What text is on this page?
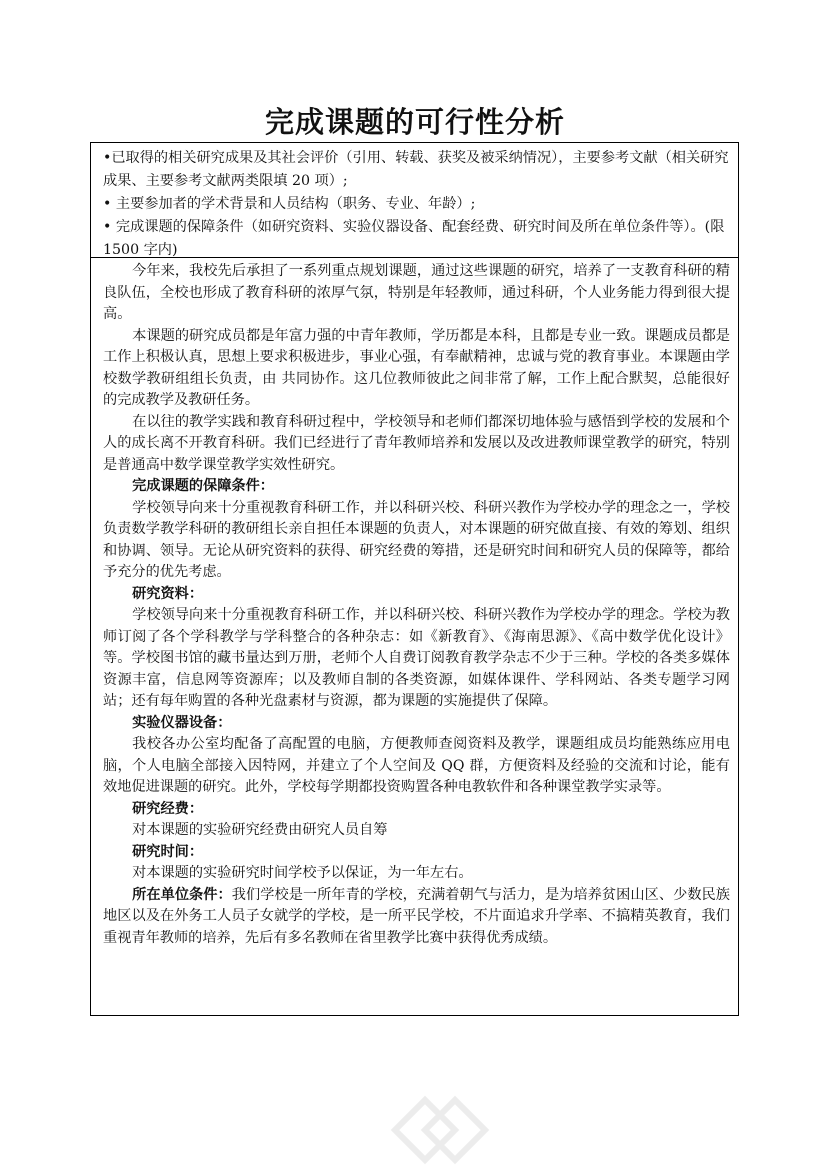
完成课题的可行性分析

•已取得的相关研究成果及其社会评价（引用、转载、获奖及被采纳情况），主要参考文献（相关研究成果、主要参考文献两类限填 20 项）;

• 主要参加者的学术背景和人员结构（职务、专业、年龄）;

• 完成课题的保障条件（如研究资料、实验仪器设备、配套经费、研究时间及所在单位条件等）。(限 1500 字内)

今年来，我校先后承担了一系列重点规划课题，通过这些课题的研究，培养了一支教育科研的精良队伍，全校也形成了教育科研的浓厚气氛，特别是年轻教师，通过科研，个人业务能力得到很大提高。

本课题的研究成员都是年富力强的中青年教师，学历都是本科，且都是专业一致。课题成员都是工作上积极认真，思想上要求积极进步，事业心强，有奉献精神，忠诚与党的教育事业。本课题由学校数学教研组组长负责，由 共同协作。这几位教师彼此之间非常了解，工作上配合默契，总能很好的完成教学及教研任务。

在以往的教学实践和教育科研过程中，学校领导和老师们都深切地体验与感悟到学校的发展和个人的成长离不开教育科研。我们已经进行了青年教师培养和发展以及改进教师课堂教学的研究，特别是普通高中数学课堂教学实效性研究。

完成课题的保障条件：

学校领导向来十分重视教育科研工作，并以科研兴校、科研兴教作为学校办学的理念之一，学校负责数学教学科研的教研组长亲自担任本课题的负责人，对本课题的研究做直接、有效的筹划、组织和协调、领导。无论从研究资料的获得、研究经费的筹措，还是研究时间和研究人员的保障等，都给予充分的优先考虑。

研究资料：

学校领导向来十分重视教育科研工作，并以科研兴校、科研兴教作为学校办学的理念。学校为教师订阅了各个学科教学与学科整合的各种杂志：如《新教育》、《海南思源》、《高中数学优化设计》等。学校图书馆的藏书量达到万册，老师个人自费订阅教育教学杂志不少于三种。学校的各类多媒体资源丰富，信息网等资源库；以及教师自制的各类资源，如媒体课件、学科网站、各类专题学习网站；还有每年购置的各种光盘素材与资源，都为课题的实施提供了保障。

实验仪器设备：

我校各办公室均配备了高配置的电脑，方便教师查阅资料及教学，课题组成员均能熟练应用电脑，个人电脑全部接入因特网，并建立了个人空间及 QQ 群，方便资料及经验的交流和讨论，能有效地促进课题的研究。此外，学校每学期都投资购置各种电教软件和各种课堂教学实录等。

研究经费：

对本课题的实验研究经费由研究人员自筹

研究时间：

对本课题的实验研究时间学校予以保证，为一年左右。

所在单位条件：我们学校是一所年青的学校，充满着朝气与活力，是为培养贫困山区、少数民族地区以及在外务工人员子女就学的学校，是一所平民学校，不片面追求升学率、不搞精英教育，我们重视青年教师的培养，先后有多名教师在省里教学比赛中获得优秀成绩。
